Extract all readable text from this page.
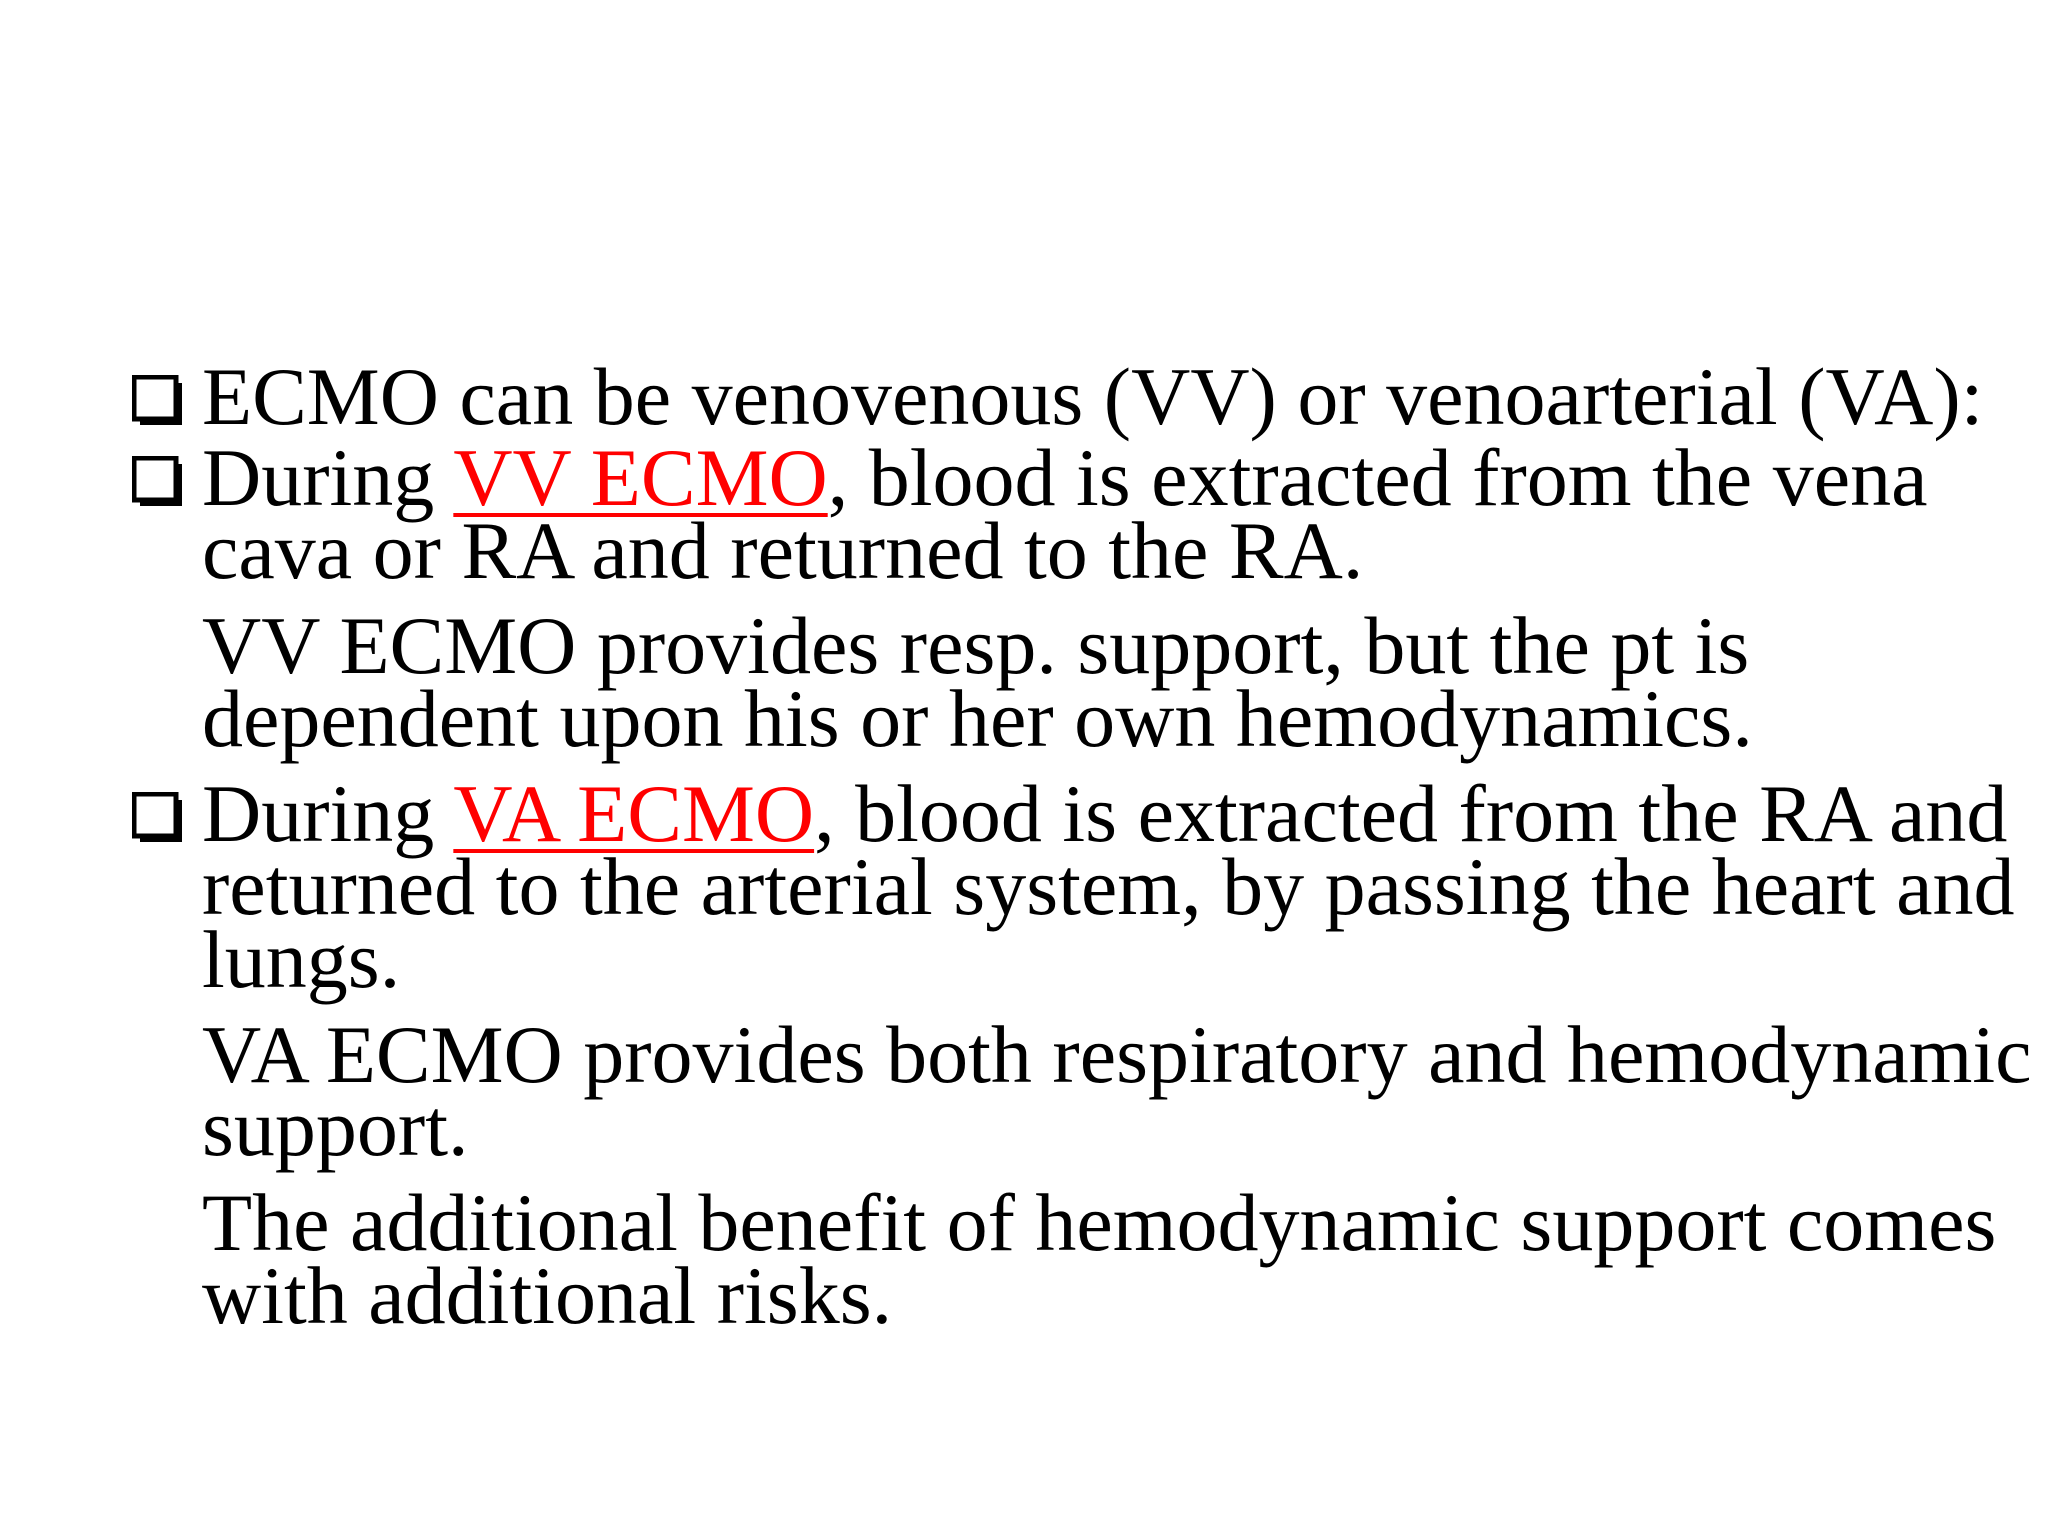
ECMO can be venovenous (VV) or venoarterial (VA):
During VV ECMO, blood is extracted from the vena
cava or RA and returned to the RA.
VV ECMO provides resp. support, but the pt is
dependent upon his or her own hemodynamics.
During VA ECMO, blood is extracted from the RA and
returned to the arterial system, by passing the heart and
lungs.
VA ECMO provides both respiratory and hemodynamic
support.
The additional benefit of hemodynamic support comes
with additional risks.
